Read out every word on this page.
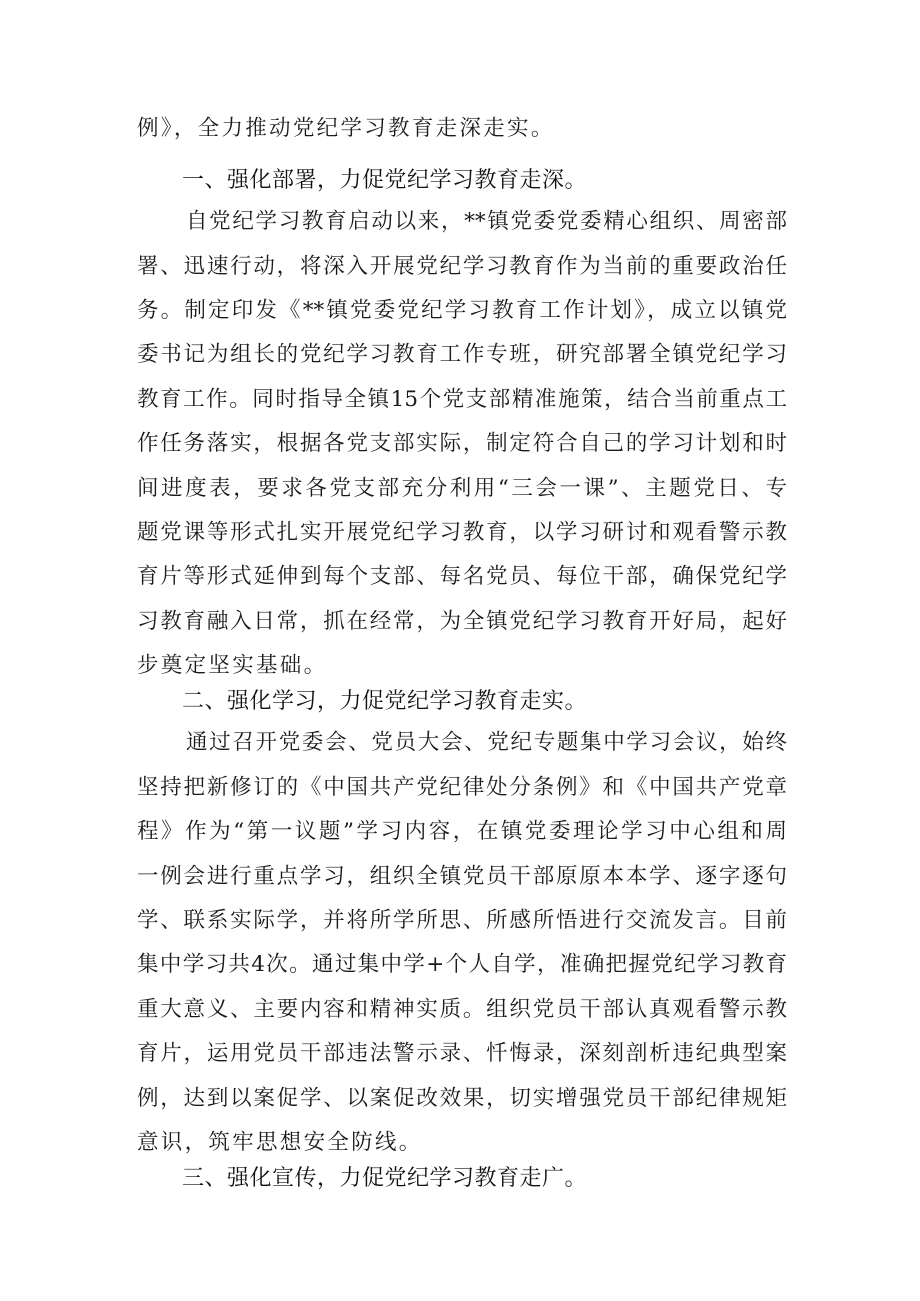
例》，全力推动党纪学习教育走深走实。
一、强化部署，力促党纪学习教育走深。
自党纪学习教育启动以来，**镇党委党委精心组织、周密部
署、迅速行动，将深入开展党纪学习教育作为当前的重要政治任
务。制定印发《**镇党委党纪学习教育工作计划》，成立以镇党
委书记为组长的党纪学习教育工作专班，研究部署全镇党纪学习
教育工作。同时指导全镇15个党支部精准施策，结合当前重点工
作任务落实，根据各党支部实际，制定符合自己的学习计划和时
间进度表，要求各党支部充分利用“三会一课”、主题党日、专
题党课等形式扎实开展党纪学习教育，以学习研讨和观看警示教
育片等形式延伸到每个支部、每名党员、每位干部，确保党纪学
习教育融入日常，抓在经常，为全镇党纪学习教育开好局，起好
步奠定坚实基础。
二、强化学习，力促党纪学习教育走实。
通过召开党委会、党员大会、党纪专题集中学习会议，始终
坚持把新修订的《中国共产党纪律处分条例》和《中国共产党章
程》作为“第一议题”学习内容，在镇党委理论学习中心组和周
一例会进行重点学习，组织全镇党员干部原原本本学、逐字逐句
学、联系实际学，并将所学所思、所感所悟进行交流发言。目前
集中学习共4次。通过集中学+个人自学，准确把握党纪学习教育
重大意义、主要内容和精神实质。组织党员干部认真观看警示教
育片，运用党员干部违法警示录、忏悔录，深刻剖析违纪典型案
例，达到以案促学、以案促改效果，切实增强党员干部纪律规矩
意识，筑牢思想安全防线。
三、强化宣传，力促党纪学习教育走广。
